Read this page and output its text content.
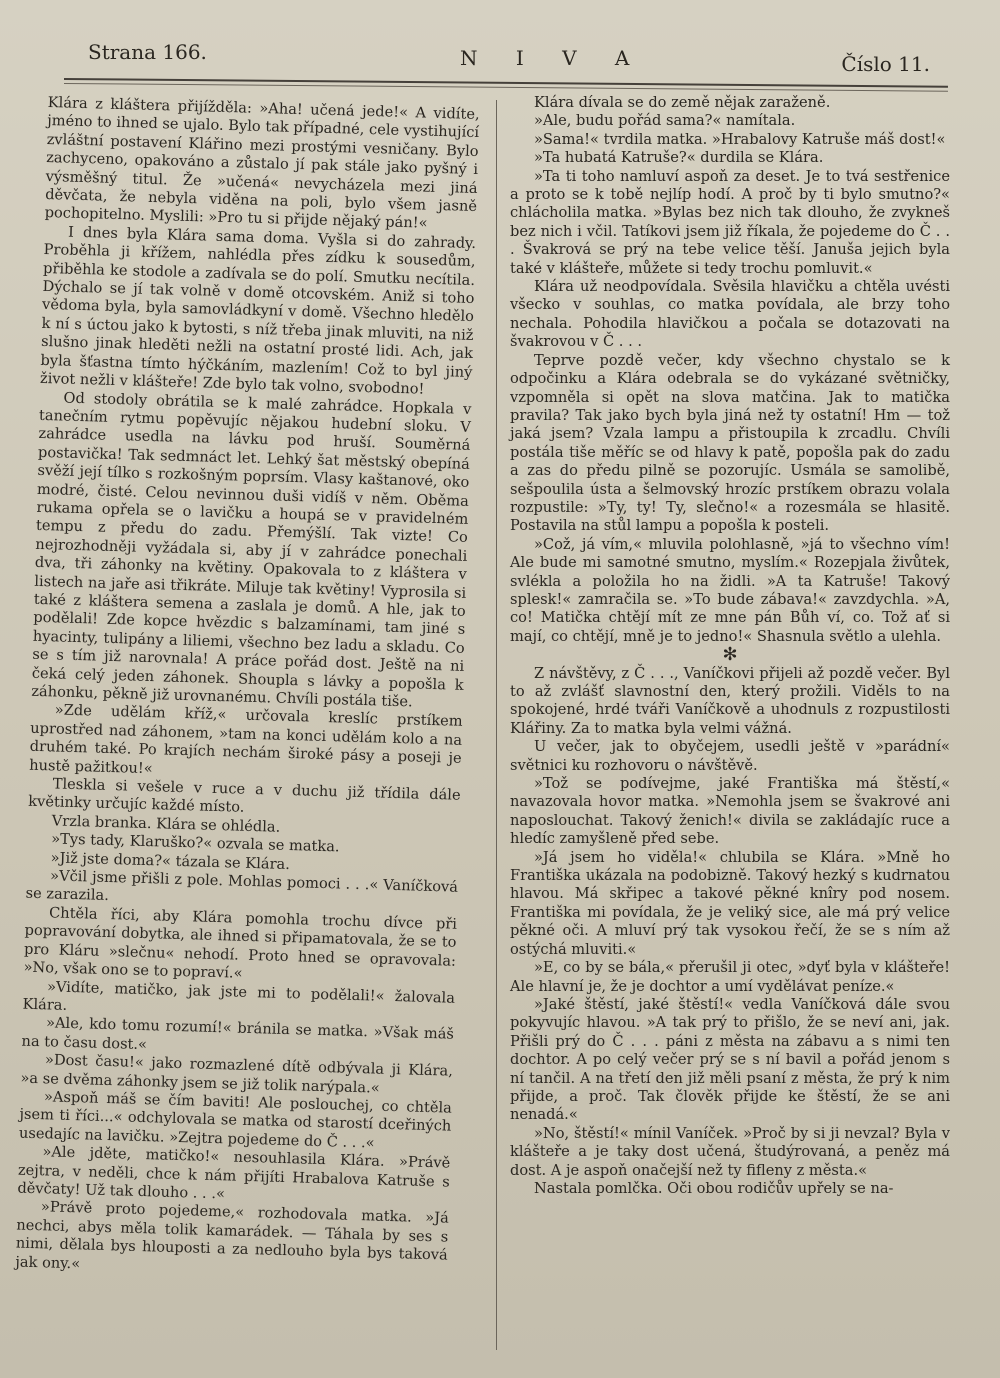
Strana 166.	N I V A	Číslo 11.

Klára z kláštera přijížděla: »Aha! učená jede!« A vidíte, jméno to ihned se ujalo. Bylo tak případné, cele vystihující zvláštní postavení Klářino mezi prostými vesničany. Bylo zachyceno, opakováno a zůstalo jí pak stále jako pyšný i výsměšný titul. Že »učená« nevycházela mezi jiná děvčata, že nebyla viděna na poli, bylo všem jasně pochopitelno. Myslili: »Pro tu si přijde nějaký pán!«

I dnes byla Klára sama doma. Vyšla si do zahrady. Proběhla ji křížem, nahlédla přes zídku k sousedům, přiběhla ke stodole a zadívala se do polí. Smutku necítila. Dýchalo se jí tak volně v domě otcovském. Aniž si toho vědoma byla, byla samovládkyní v domě. Všechno hledělo k ní s úctou jako k bytosti, s níž třeba jinak mluviti, na niž slušno jinak hleděti nežli na ostatní prosté lidi. Ach, jak byla šťastna tímto hýčkáním, mazlením! Což to byl jiný život nežli v klášteře! Zde bylo tak volno, svobodno!

Od stodoly obrátila se k malé zahrádce. Hopkala v tanečním rytmu popěvujíc nějakou hudební sloku. V zahrádce usedla na lávku pod hruší. Souměrná postavička! Tak sedmnáct let. Lehký šat městský obepíná svěží její tílko s rozkošným poprsím. Vlasy kaštanové, oko modré, čisté. Celou nevinnou duši vidíš v něm. Oběma rukama opřela se o lavičku a houpá se v pravidelném tempu z předu do zadu. Přemýšlí. Tak vizte! Co nejrozhodněji vyžádala si, aby jí v zahrádce ponechali dva, tři záhonky na květiny. Opakovala to z kláštera v listech na jaře asi třikráte. Miluje tak květiny! Vyprosila si také z kláštera semena a zaslala je domů. A hle, jak to podělali! Zde kopce hvězdic s balzamínami, tam jiné s hyacinty, tulipány a liliemi, všechno bez ladu a skladu. Co se s tím již narovnala! A práce pořád dost. Ještě na ni čeká celý jeden záhonek. Shoupla s lávky a popošla k záhonku, pěkně již urovnanému. Chvíli postála tiše.

»Zde udělám kříž,« určovala kreslíc prstíkem uprostřed nad záhonem, »tam na konci udělám kolo a na druhém také. Po krajích nechám široké pásy a poseji je hustě pažitkou!«

Tleskla si vešele v ruce a v duchu již třídila dále květinky určujíc každé místo.

Vrzla branka. Klára se ohlédla.

»Tys tady, Klaruško?« ozvala se matka.

»Již jste doma?« tázala se Klára.

»Včil jsme přišli z pole. Mohlas pomoci . . .« Vaníčková se zarazila.

Chtěla říci, aby Klára pomohla trochu dívce při popravování dobytka, ale ihned si připamatovala, že se to pro Kláru »slečnu« nehodí. Proto hned se opravovala: »No, však ono se to popraví.«

»Vidíte, matičko, jak jste mi to podělali!« žalovala Klára.

»Ale, kdo tomu rozumí!« bránila se matka. »Však máš na to času dost.«

»Dost času!« jako rozmazlené dítě odbývala ji Klára, »a se dvěma záhonky jsem se již tolik narýpala.«

»Aspoň máš se čím baviti! Ale poslouchej, co chtěla jsem ti říci...« odchylovala se matka od starostí dceřiných usedajíc na lavičku. »Zejtra pojedeme do Č . . .«

»Ale jděte, matičko!« nesouhlasila Klára. »Právě zejtra, v neděli, chce k nám přijíti Hrabalova Katruše s děvčaty! Už tak dlouho . . .«

»Právě proto pojedeme,« rozhodovala matka. »Já nechci, abys měla tolik kamarádek. — Táhala by ses s nimi, dělala bys hlouposti a za nedlouho byla bys taková jak ony.«

Klára dívala se do země nějak zaraženě.

»Ale, budu pořád sama?« namítala.

»Sama!« tvrdila matka. »Hrabalovy Katruše máš dost!«

»Ta hubatá Katruše?« durdila se Klára.

»Ta ti toho namluví aspoň za deset. Je to tvá sestřenice a proto se k tobě nejlíp hodí. A proč by ti bylo smutno?« chlácholila matka. »Bylas bez nich tak dlouho, že zvykneš bez nich i včil. Tatíkovi jsem již říkala, že pojedeme do Č . . . Švakrová se prý na tebe velice těší. Januša jejich byla také v klášteře, můžete si tedy trochu pomluvit.«

Klára už neodpovídala. Svěsila hlavičku a chtěla uvésti všecko v souhlas, co matka povídala, ale brzy toho nechala. Pohodila hlavičkou a počala se dotazovati na švakrovou v Č . . .

Teprve pozdě večer, kdy všechno chystalo se k odpočinku a Klára odebrala se do vykázané světničky, vzpomněla si opět na slova matčina. Jak to matička pravila? Tak jako bych byla jiná než ty ostatní! Hm — tož jaká jsem? Vzala lampu a přistoupila k zrcadlu. Chvíli postála tiše měříc se od hlavy k patě, popošla pak do zadu a zas do předu pilně se pozorujíc. Usmála se samolibě, sešpoulila ústa a šelmovský hrozíc prstíkem obrazu volala rozpustile: »Ty, ty! Ty, slečno!« a rozesmála se hlasitě. Postavila na stůl lampu a popošla k posteli.

»Což, já vím,« mluvila polohlasně, »já to všechno vím! Ale bude mi samotné smutno, myslím.« Rozepjala živůtek, svlékla a položila ho na židli. »A ta Katruše! Takový splesk!« zamračila se. »To bude zábava!« zavzdychla. »A, co! Matička chtějí mít ze mne pán Bůh ví, co. Tož ať si mají, co chtějí, mně je to jedno!« Shasnula světlo a ulehla.

✻

Z návštěvy, z Č . . ., Vaníčkovi přijeli až pozdě večer. Byl to až zvlášť slavnostní den, který prožili. Viděls to na spokojené, hrdé tváři Vaníčkově a uhodnuls z rozpustilosti Klářiny. Za to matka byla velmi vážná.

U večer, jak to obyčejem, usedli ještě v »parádní« světnici ku rozhovoru o návštěvě.

»Tož se podívejme, jaké Františka má štěstí,« navazovala hovor matka. »Nemohla jsem se švakrové ani naposlouchat. Takový ženich!« divila se zakládajíc ruce a hledíc zamyšleně před sebe.

»Já jsem ho viděla!« chlubila se Klára. »Mně ho Františka ukázala na podobizně. Takový hezký s kudrnatou hlavou. Má skřipec a takové pěkné knîry pod nosem. Františka mi povídala, že je veliký sice, ale má prý velice pěkné oči. A mluví prý tak vysokou řečí, že se s ním až ostýchá mluviti.«

»E, co by se bála,« přerušil ji otec, »dyť byla v klášteře! Ale hlavní je, že je dochtor a umí vydělávat peníze.«

»Jaké štěstí, jaké štěstí!« vedla Vaníčková dále svou pokyvujíc hlavou. »A tak prý to přišlo, že se neví ani, jak. Přišli prý do Č . . . páni z města na zábavu a s nimi ten dochtor. A po celý večer prý se s ní bavil a pořád jenom s ní tančil. A na třetí den již měli psaní z města, že prý k nim přijde, a proč. Tak člověk přijde ke štěstí, že se ani nenadá.«

»No, štěstí!« mínil Vaníček. »Proč by si ji nevzal? Byla v klášteře a je taky dost učená, študýrovaná, a peněz má dost. A je aspoň onačejší než ty fifleny z města.«

Nastala pomlčka. Oči obou rodičův upřely se na-
